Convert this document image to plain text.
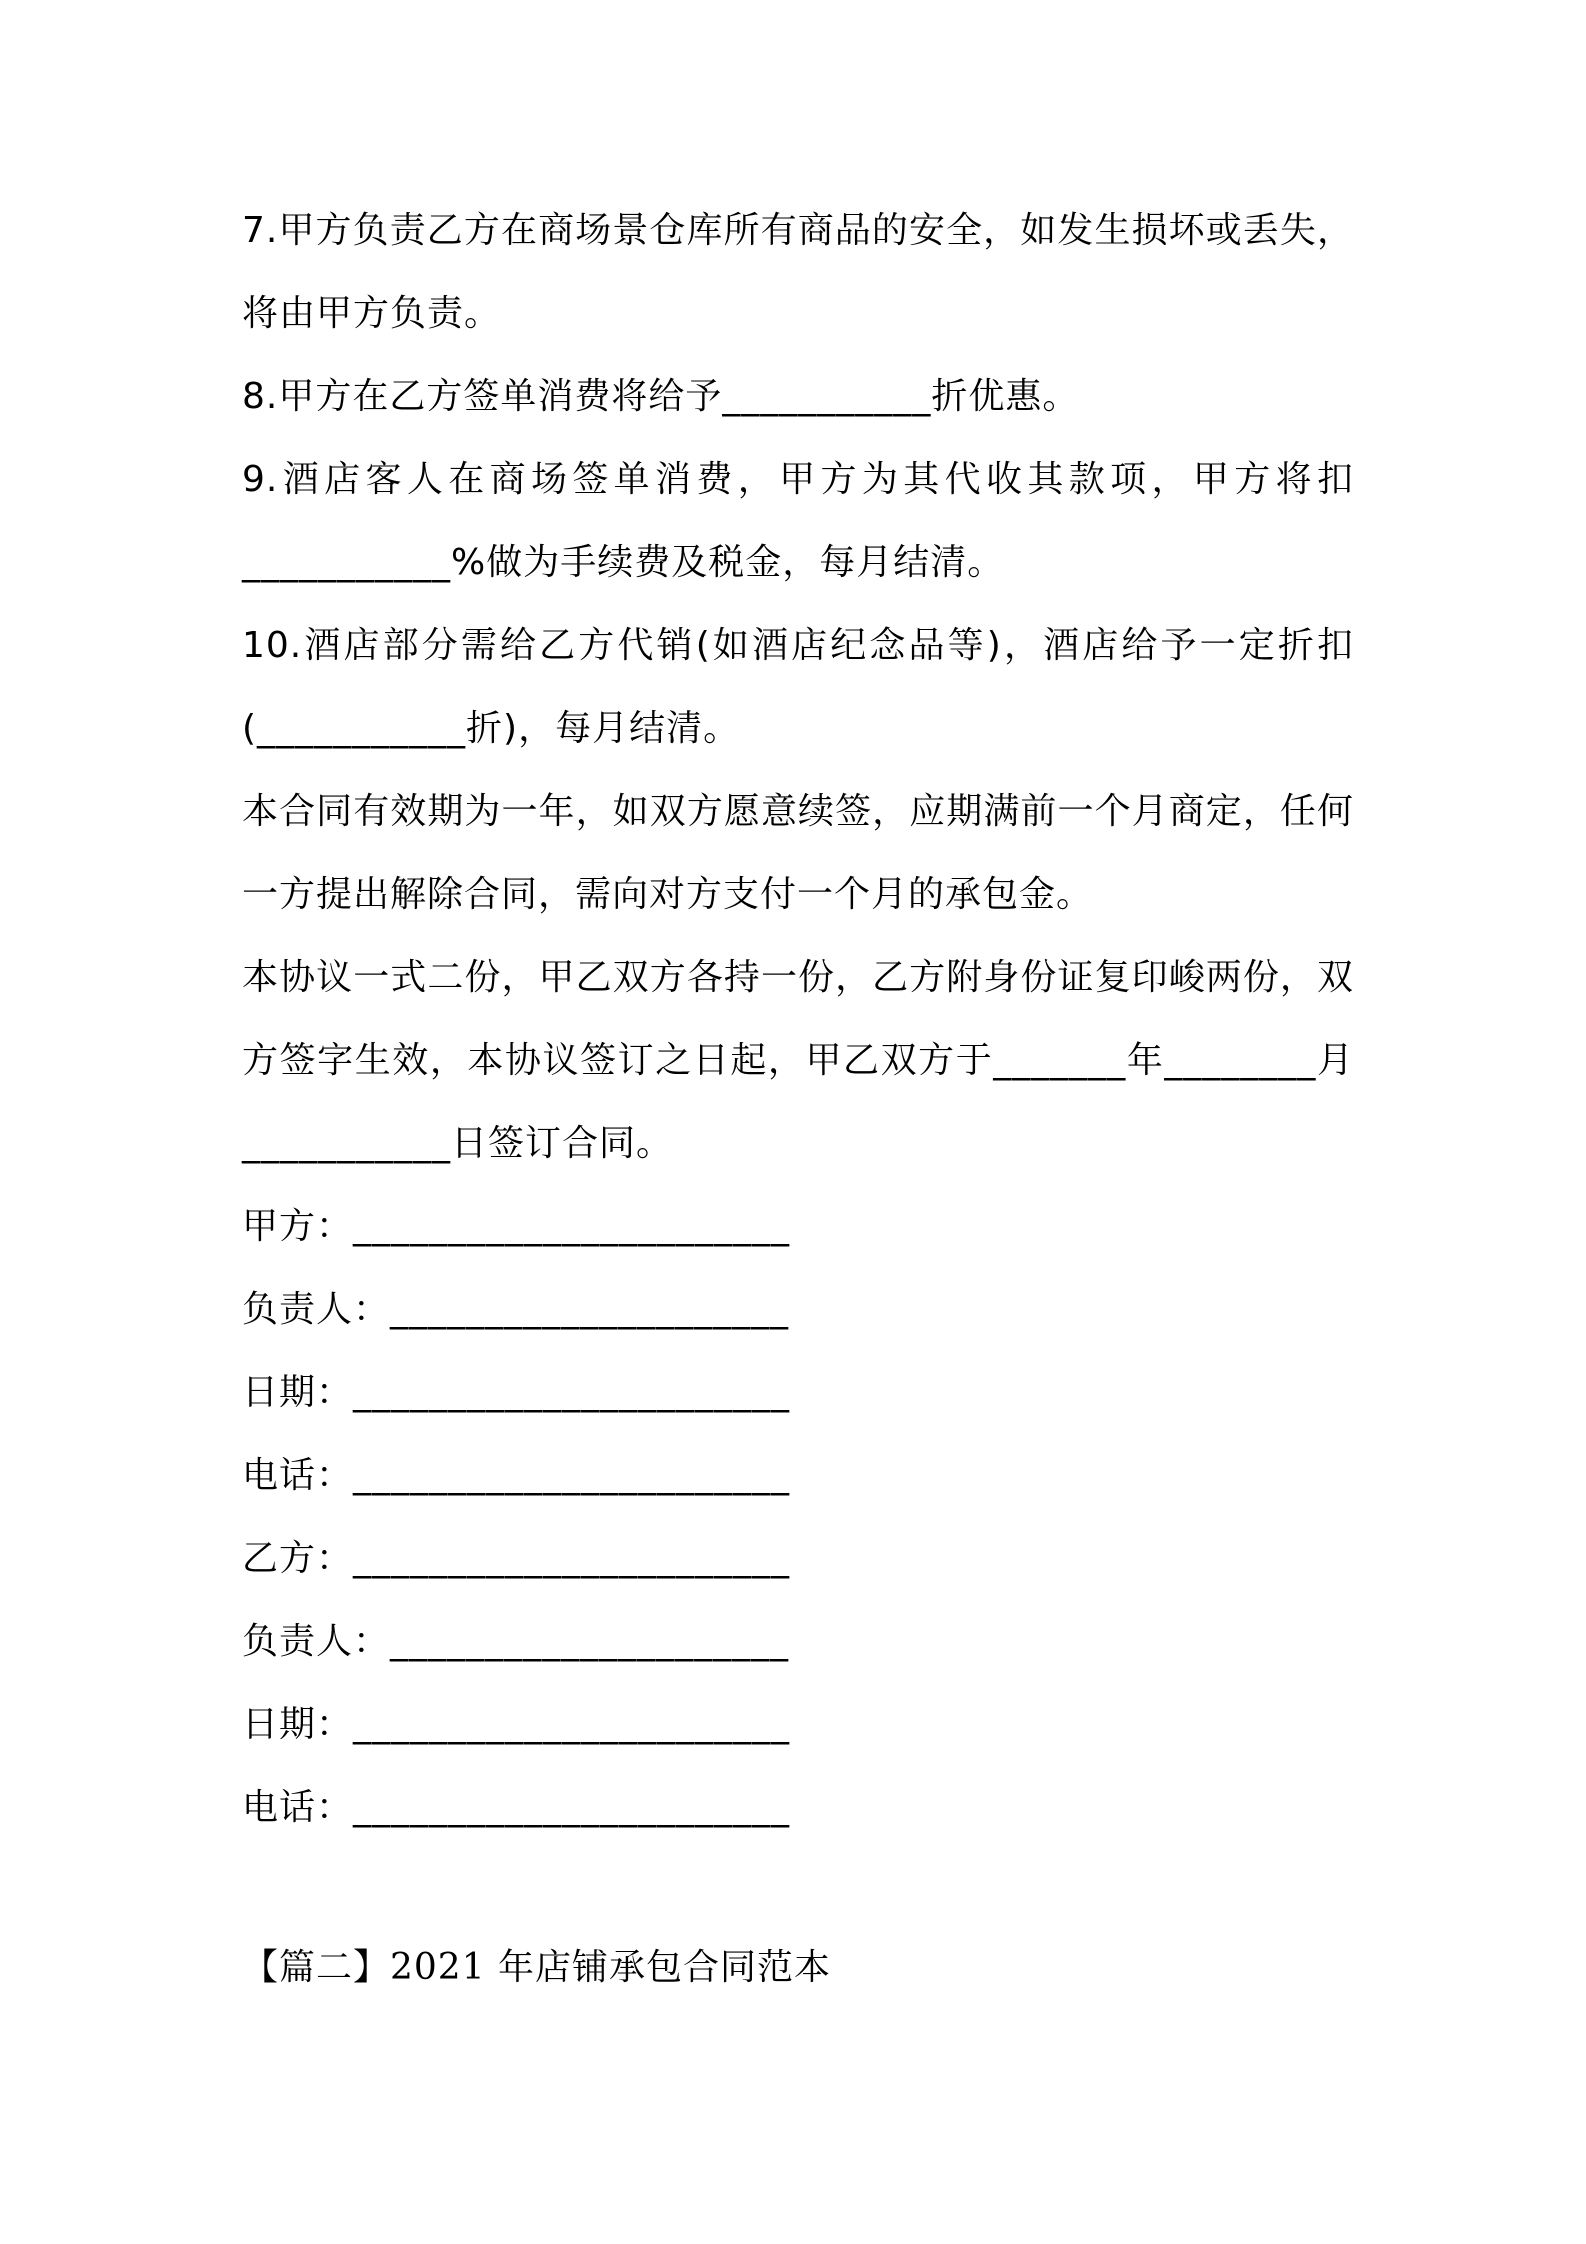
7.甲方负责乙方在商场景仓库所有商品的安全，如发生损坏或丢失，
将由甲方负责。
8.甲方在乙方签单消费将给予___________折优惠。
9.酒店客人在商场签单消费，甲方为其代收其款项，甲方将扣
___________%做为手续费及税金，每月结清。
10.酒店部分需给乙方代销(如酒店纪念品等)，酒店给予一定折扣
(___________折)，每月结清。
本合同有效期为一年，如双方愿意续签，应期满前一个月商定，任何
一方提出解除合同，需向对方支付一个月的承包金。
本协议一式二份，甲乙双方各持一份，乙方附身份证复印峻两份，双
方签字生效，本协议签订之日起，甲乙双方于_______年________月
___________日签订合同。
甲方：_______________________
负责人：_____________________
日期：_______________________
电话：_______________________
乙方：_______________________
负责人：_____________________
日期：_______________________
电话：_______________________
【篇二】2021 年店铺承包合同范本
